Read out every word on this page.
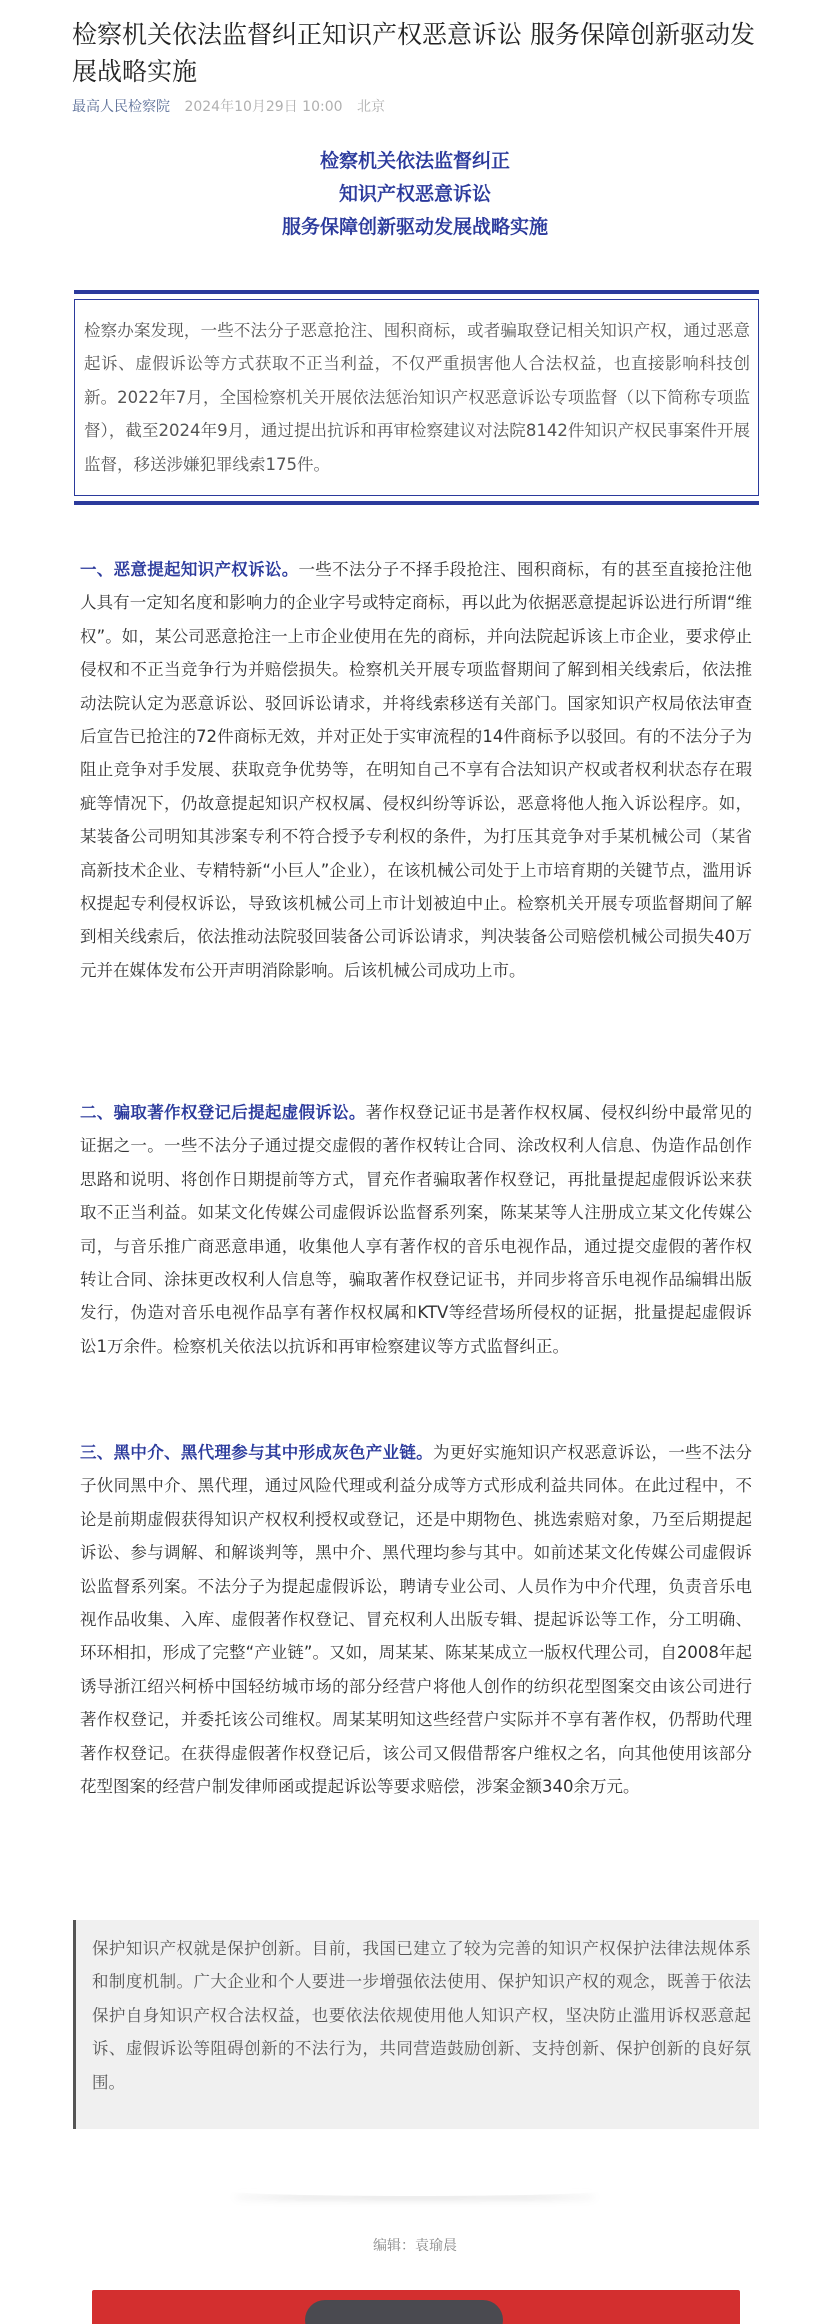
检察机关依法监督纠正知识产权恶意诉讼 服务保障创新驱动发展战略实施
最高人民检察院 2024年10月29日 10:00 北京
检察机关依法监督纠正
知识产权恶意诉讼
服务保障创新驱动发展战略实施
检察办案发现，一些不法分子恶意抢注、囤积商标，或者骗取登记相关知识产权，通过恶意起诉、虚假诉讼等方式获取不正当利益，不仅严重损害他人合法权益，也直接影响科技创新。2022年7月，全国检察机关开展依法惩治知识产权恶意诉讼专项监督（以下简称专项监督），截至2024年9月，通过提出抗诉和再审检察建议对法院8142件知识产权民事案件开展监督，移送涉嫌犯罪线索175件。
一、恶意提起知识产权诉讼。一些不法分子不择手段抢注、囤积商标，有的甚至直接抢注他人具有一定知名度和影响力的企业字号或特定商标，再以此为依据恶意提起诉讼进行所谓“维权”。如，某公司恶意抢注一上市企业使用在先的商标，并向法院起诉该上市企业，要求停止侵权和不正当竞争行为并赔偿损失。检察机关开展专项监督期间了解到相关线索后，依法推动法院认定为恶意诉讼、驳回诉讼请求，并将线索移送有关部门。国家知识产权局依法审查后宣告已抢注的72件商标无效，并对正处于实审流程的14件商标予以驳回。有的不法分子为阻止竞争对手发展、获取竞争优势等，在明知自己不享有合法知识产权或者权利状态存在瑕疵等情况下，仍故意提起知识产权权属、侵权纠纷等诉讼，恶意将他人拖入诉讼程序。如，某装备公司明知其涉案专利不符合授予专利权的条件，为打压其竞争对手某机械公司（某省高新技术企业、专精特新“小巨人”企业），在该机械公司处于上市培育期的关键节点，滥用诉权提起专利侵权诉讼，导致该机械公司上市计划被迫中止。检察机关开展专项监督期间了解到相关线索后，依法推动法院驳回装备公司诉讼请求，判决装备公司赔偿机械公司损失40万元并在媒体发布公开声明消除影响。后该机械公司成功上市。
二、骗取著作权登记后提起虚假诉讼。著作权登记证书是著作权权属、侵权纠纷中最常见的证据之一。一些不法分子通过提交虚假的著作权转让合同、涂改权利人信息、伪造作品创作思路和说明、将创作日期提前等方式，冒充作者骗取著作权登记，再批量提起虚假诉讼来获取不正当利益。如某文化传媒公司虚假诉讼监督系列案，陈某某等人注册成立某文化传媒公司，与音乐推广商恶意串通，收集他人享有著作权的音乐电视作品，通过提交虚假的著作权转让合同、涂抹更改权利人信息等，骗取著作权登记证书，并同步将音乐电视作品编辑出版发行，伪造对音乐电视作品享有著作权权属和KTV等经营场所侵权的证据，批量提起虚假诉讼1万余件。检察机关依法以抗诉和再审检察建议等方式监督纠正。
三、黑中介、黑代理参与其中形成灰色产业链。为更好实施知识产权恶意诉讼，一些不法分子伙同黑中介、黑代理，通过风险代理或利益分成等方式形成利益共同体。在此过程中，不论是前期虚假获得知识产权权利授权或登记，还是中期物色、挑选索赔对象，乃至后期提起诉讼、参与调解、和解谈判等，黑中介、黑代理均参与其中。如前述某文化传媒公司虚假诉讼监督系列案。不法分子为提起虚假诉讼，聘请专业公司、人员作为中介代理，负责音乐电视作品收集、入库、虚假著作权登记、冒充权利人出版专辑、提起诉讼等工作，分工明确、环环相扣，形成了完整“产业链”。又如，周某某、陈某某成立一版权代理公司，自2008年起诱导浙江绍兴柯桥中国轻纺城市场的部分经营户将他人创作的纺织花型图案交由该公司进行著作权登记，并委托该公司维权。周某某明知这些经营户实际并不享有著作权，仍帮助代理著作权登记。在获得虚假著作权登记后，该公司又假借帮客户维权之名，向其他使用该部分花型图案的经营户制发律师函或提起诉讼等要求赔偿，涉案金额340余万元。
保护知识产权就是保护创新。目前，我国已建立了较为完善的知识产权保护法律法规体系和制度机制。广大企业和个人要进一步增强依法使用、保护知识产权的观念，既善于依法保护自身知识产权合法权益，也要依法依规使用他人知识产权，坚决防止滥用诉权恶意起诉、虚假诉讼等阻碍创新的不法行为，共同营造鼓励创新、支持创新、保护创新的良好氛围。
编辑：袁瑜晨
